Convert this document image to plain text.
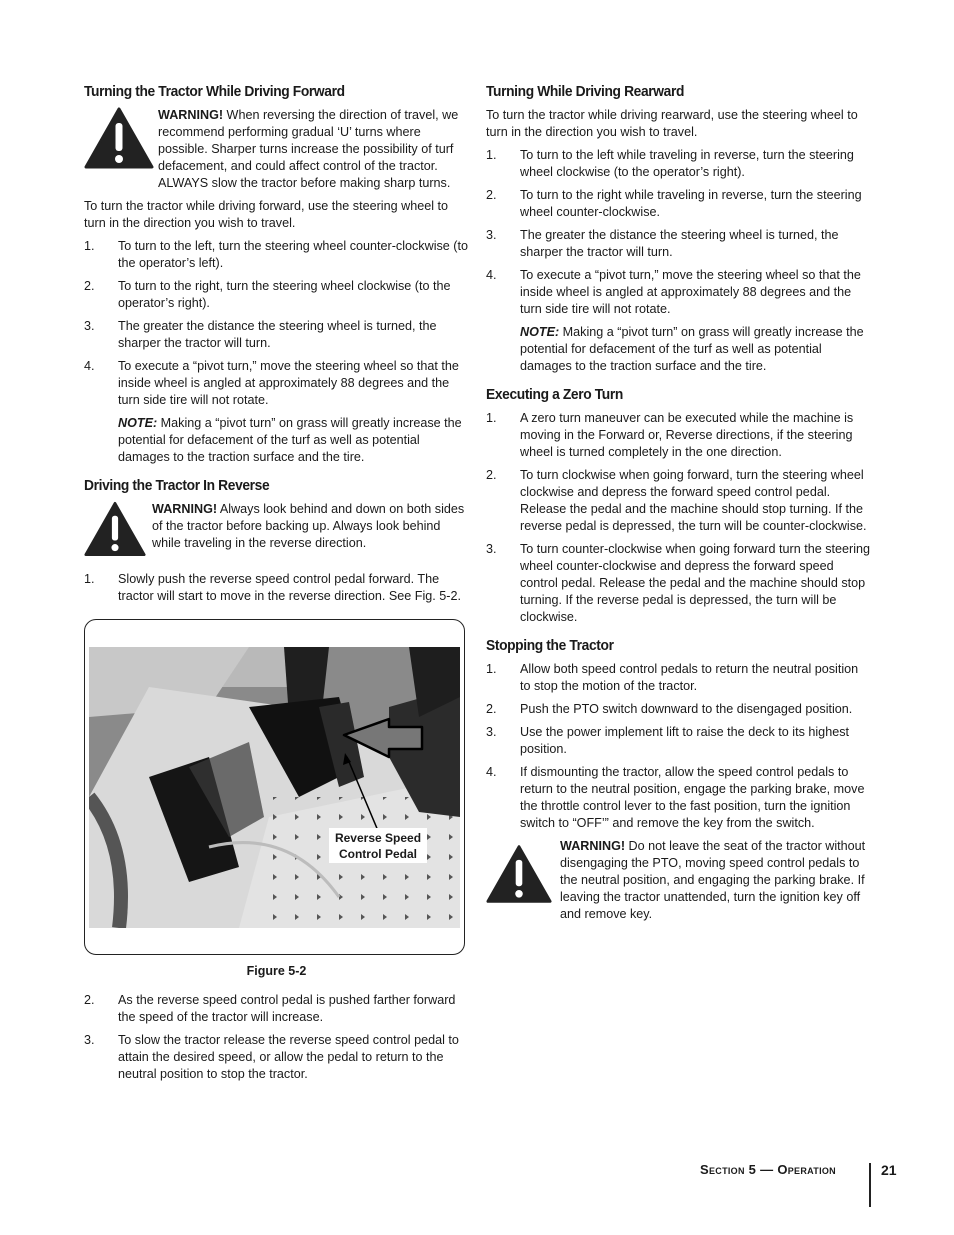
Turning the Tractor While Driving Forward
WARNING! When reversing the direction of travel, we recommend performing gradual ‘U’ turns where possible. Sharper turns increase the possibility of turf defacement, and could affect control of the tractor. ALWAYS slow the tractor before making sharp turns.

To turn the tractor while driving forward, use the steering wheel to turn in the direction you wish to travel.

1. To turn to the left, turn the steering wheel counter-clockwise (to the operator’s left).
2. To turn to the right, turn the steering wheel clockwise (to the operator’s right).
3. The greater the distance the steering wheel is turned, the sharper the tractor will turn.
4. To execute a “pivot turn,” move the steering wheel so that the inside wheel is angled at approximately 88 degrees and the turn side tire will not rotate.

NOTE: Making a “pivot turn” on grass will greatly increase the potential for defacement of the turf as well as potential damages to the traction surface and the tire.

Driving the Tractor In Reverse
WARNING! Always look behind and down on both sides of the tractor before backing up. Always look behind while traveling in the reverse direction.
1. Slowly push the reverse speed control pedal forward. The tractor will start to move in the reverse direction. See Fig. 5-2.
Reverse Speed
Control Pedal
Figure 5-2
2. As the reverse speed control pedal is pushed farther forward the speed of the tractor will increase.
3. To slow the tractor release the reverse speed control pedal to attain the desired speed, or allow the pedal to return to the neutral position to stop the tractor.
Turning While Driving Rearward

To turn the tractor while driving rearward, use the steering wheel to turn in the direction you wish to travel.

1. To turn to the left while traveling in reverse, turn the steering wheel clockwise (to the operator’s right).
2. To turn to the right while traveling in reverse, turn the steering wheel counter-clockwise.
3. The greater the distance the steering wheel is turned, the sharper the tractor will turn.
4. To execute a “pivot turn,” move the steering wheel so that the inside wheel is angled at approximately 88 degrees and the turn side tire will not rotate.

NOTE: Making a “pivot turn” on grass will greatly increase the potential for defacement of the turf as well as potential damages to the traction surface and the tire.

Executing a Zero Turn
1. A zero turn maneuver can be executed while the machine is moving in the Forward or, Reverse directions, if the steering wheel is turned completely in the one direction.
2. To turn clockwise when going forward, turn the steering wheel clockwise and depress the forward speed control pedal. Release the pedal and the machine should stop turning. If the reverse pedal is depressed, the turn will be counter-clockwise.
3. To turn counter-clockwise when going forward turn the steering wheel counter-clockwise and depress the forward speed control pedal. Release the pedal and the machine should stop turning. If the reverse pedal is depressed, the turn will be clockwise.
Stopping the Tractor
1. Allow both speed control pedals to return the neutral position to stop the motion of the tractor.
2. Push the PTO switch downward to the disengaged position.
3. Use the power implement lift to raise the deck to its highest position.
4. If dismounting the tractor, allow the speed control pedals to return to the neutral position, engage the parking brake, move the throttle control lever to the fast position, turn the ignition switch to “OFF’” and remove the key from the switch.
WARNING! Do not leave the seat of the tractor without disengaging the PTO, moving speed control pedals to the neutral position, and engaging the parking brake. If leaving the tractor unattended, turn the ignition key off and remove key.
Section 5 — Operation	21
